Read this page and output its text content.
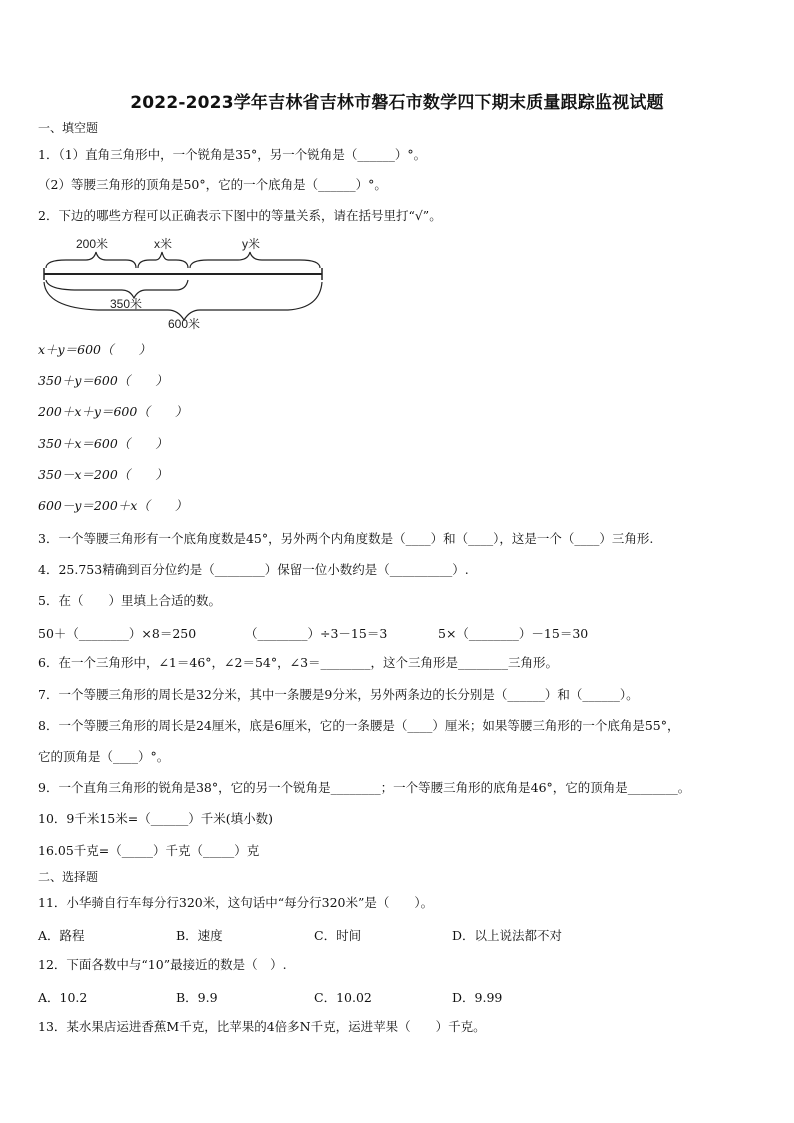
2022-2023学年吉林省吉林市磐石市数学四下期末质量跟踪监视试题
一、填空题
1．（1）直角三角形中，一个锐角是35°，另一个锐角是（______）°。
（2）等腰三角形的顶角是50°，它的一个底角是（______）°。
2．下边的哪些方程可以正确表示下图中的等量关系，请在括号里打“√”。
200米	x米	y米
350米
600米
x＋y＝600（　　）
350＋y＝600（　　）
200＋x＋y＝600（　　）
350＋x＝600（　　）
350－x＝200（　　）
600－y＝200＋x（　　）
3．一个等腰三角形有一个底角度数是45°，另外两个内角度数是（____）和（____），这是一个（____）三角形.
4．25.753精确到百分位约是（________）保留一位小数约是（__________）.
5．在（　　）里填上合适的数。
50＋（________）×8＝250	（________）÷3－15＝3	5×（________）－15＝30
6．在一个三角形中，∠1＝46°，∠2＝54°，∠3＝________，这个三角形是________三角形。
7．一个等腰三角形的周长是32分米，其中一条腰是9分米，另外两条边的长分别是（______）和（______）。
8．一个等腰三角形的周长是24厘米，底是6厘米，它的一条腰是（____）厘米；如果等腰三角形的一个底角是55°，
它的顶角是（____）°。
9．一个直角三角形的锐角是38°，它的另一个锐角是________；一个等腰三角形的底角是46°，它的顶角是________。
10．9千米15米=（______）千米(填小数)
16.05千克=（_____）千克（_____）克
二、选择题
11．小华骑自行车每分行320米，这句话中“每分行320米”是（　　）。
A．路程	B．速度	C．时间	D．以上说法都不对
12．下面各数中与“10”最接近的数是（　）.
A．10.2	B．9.9	C．10.02	D．9.99
13．某水果店运进香蕉M千克，比苹果的4倍多N千克，运进苹果（　　）千克。
